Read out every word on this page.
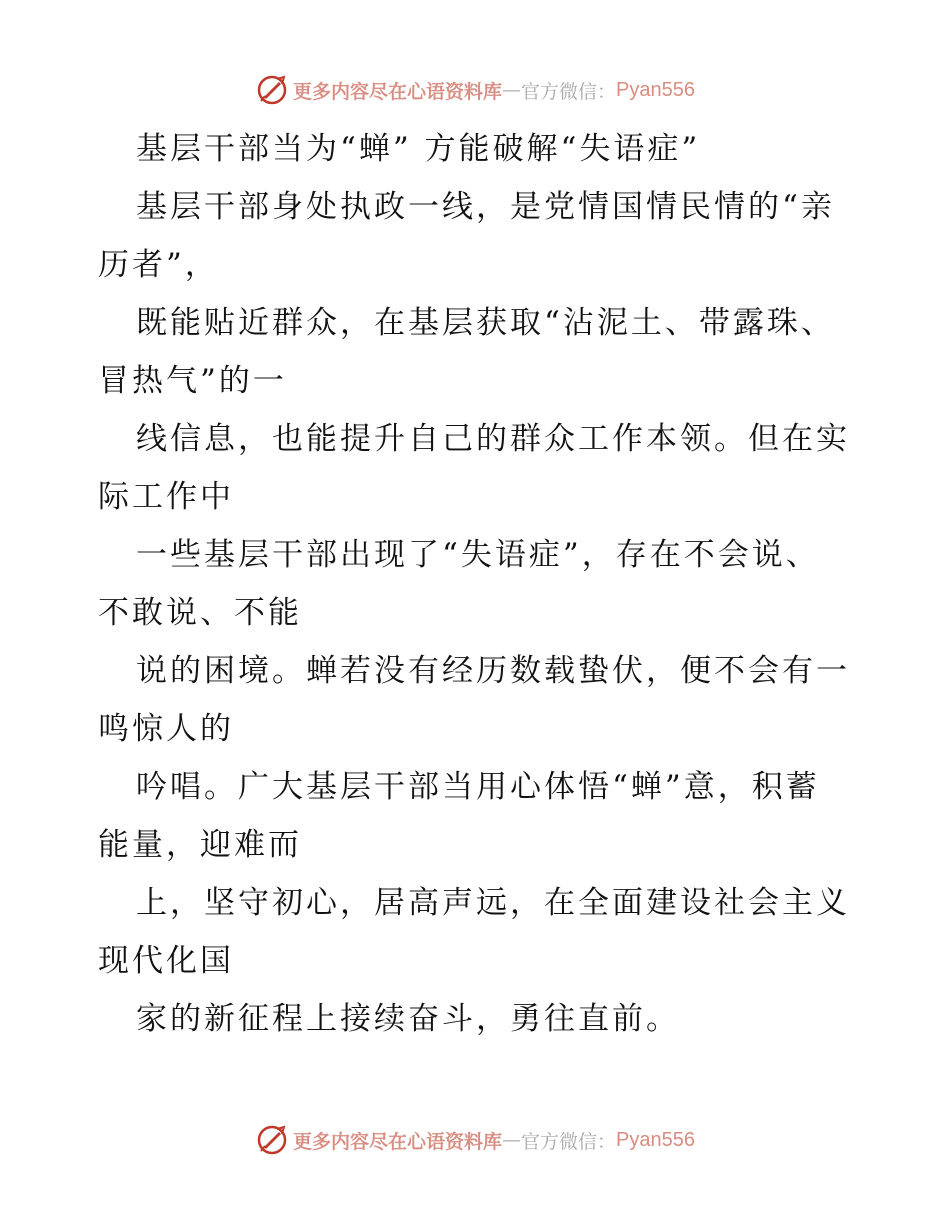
更多内容尽在心语资料库 — 官方微信： Pyan556
基层干部当为“蝉” 方能破解“失语症”
基层干部身处执政一线，是党情国情民情的“亲
历者”，
既能贴近群众，在基层获取“沾泥土、带露珠、
冒热气”的一
线信息，也能提升自己的群众工作本领。但在实
际工作中
一些基层干部出现了“失语症”，存在不会说、
不敢说、不能
说的困境。蝉若没有经历数载蛰伏，便不会有一
鸣惊人的
吟唱。广大基层干部当用心体悟“蝉”意，积蓄
能量，迎难而
上，坚守初心，居高声远，在全面建设社会主义
现代化国
家的新征程上接续奋斗，勇往直前。
更多内容尽在心语资料库 — 官方微信： Pyan556
